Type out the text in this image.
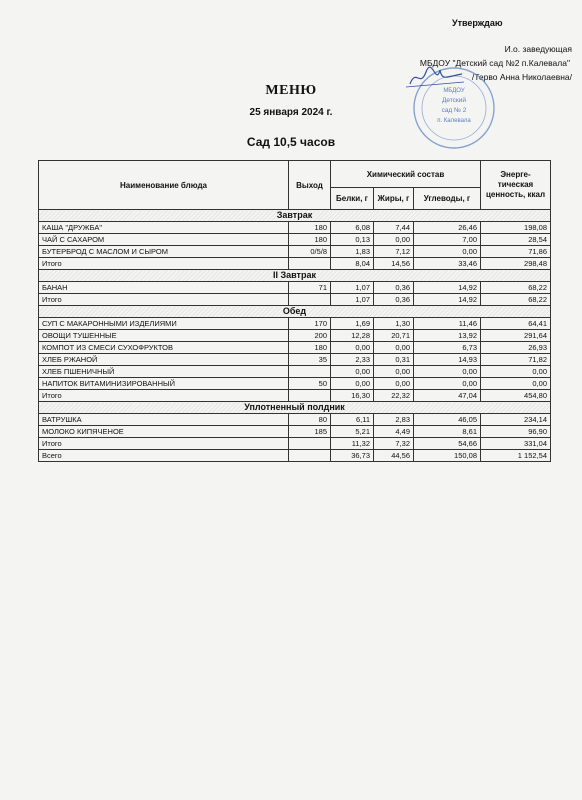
Утверждаю
И.о. заведующая
МБДОУ "Детский сад №2 п.Калевала"
/Терво Анна Николаевна/
МБДОУ
Детский
сад № 2
п. Калевала
МЕНЮ
25 января 2024 г.
Сад 10,5 часов
Наименование блюда	Выход	Химический состав			Энерге-тическая ценность, ккал
		Белки, г	Жиры, г	Углеводы, г	
Завтрак					
КАША "ДРУЖБА"	180	6,08	7,44	26,46	198,08
ЧАЙ С САХАРОМ	180	0,13	0,00	7,00	28,54
БУТЕРБРОД С МАСЛОМ И СЫРОМ	0/5/8	1,83	7,12	0,00	71,86
Итого		8,04	14,56	33,46	298,48
II Завтрак					
БАНАН	71	1,07	0,36	14,92	68,22
Итого		1,07	0,36	14,92	68,22
Обед					
СУП С МАКАРОННЫМИ ИЗДЕЛИЯМИ	170	1,69	1,30	11,46	64,41
ОВОЩИ ТУШЕННЫЕ	200	12,28	20,71	13,92	291,64
КОМПОТ ИЗ СМЕСИ СУХОФРУКТОВ	180	0,00	0,00	6,73	26,93
ХЛЕБ РЖАНОЙ	35	2,33	0,31	14,93	71,82
ХЛЕБ ПШЕНИЧНЫЙ		0,00	0,00	0,00	0,00
НАПИТОК ВИТАМИНИЗИРОВАННЫЙ	50	0,00	0,00	0,00	0,00
Итого		16,30	22,32	47,04	454,80
Уплотненный полдник					
ВАТРУШКА	80	6,11	2,83	46,05	234,14
МОЛОКО КИПЯЧЕНОЕ	185	5,21	4,49	8,61	96,90
Итого		11,32	7,32	54,66	331,04
Всего		36,73	44,56	150,08	1 152,54
